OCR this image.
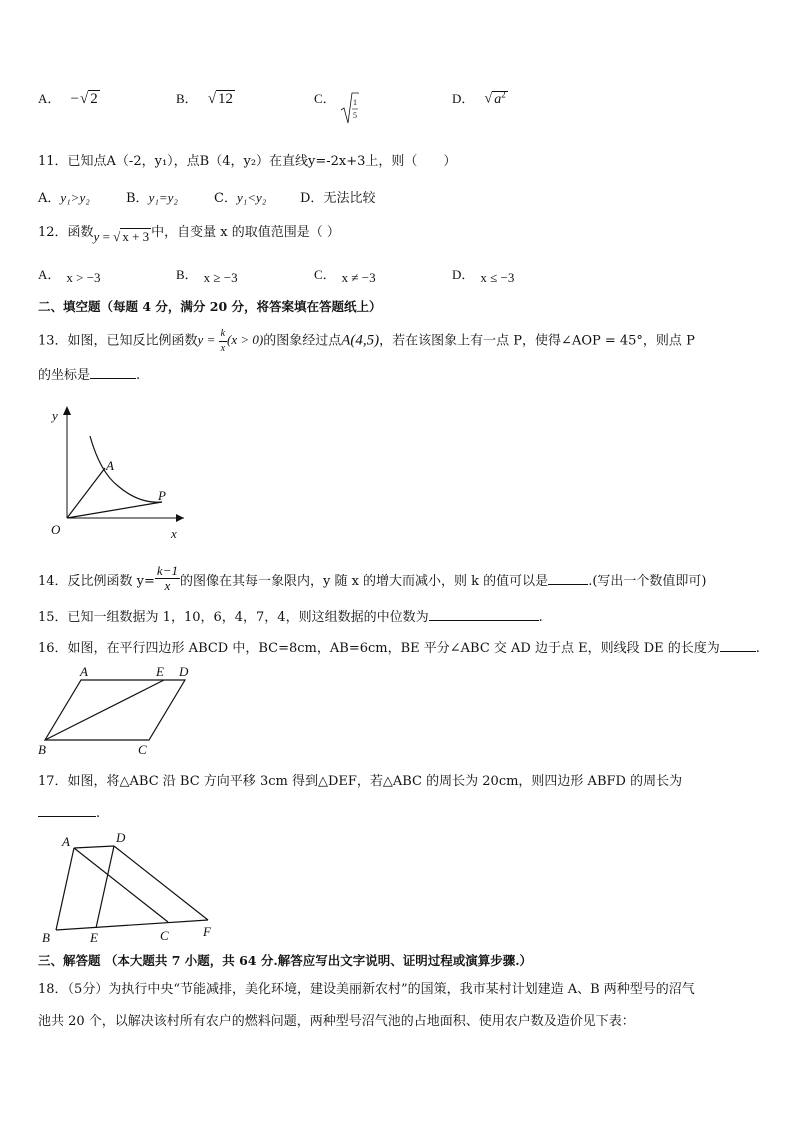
A． −√ 2	B． √ 12	C． 1
5
D． √ $a^2$
11．已知点A（-2，y₁），点B（4，y₂）在直线y=-2x+3上，则（　　）
A．y₁>y₂	B．y₁=y₂	C．y₁<y₂	D．无法比较
12．函数y = √ x + 3 中，自变量 x 的取值范围是（ ）
A． x > −3	B． x ≥ −3	C． x ≠ −3	D． x ≤ −3
二、填空题（每题 4 分，满分 20 分，将答案填在答题纸上）
13．如图，已知反比例函数$y = \frac{k}{x} (x > 0)$的图象经过点A(4,5)，若在该图象上有一点 P，使得∠AOP = 45°，则点 P
的坐标是	.
y
x
O
A
P
14．反比例函数 $y= \frac{k-1}{x}$ 的图像在其每一象限内，y 随 x 的增大而减小，则 k 的值可以是	.(写出一个数值即可)
15．已知一组数据为 1，10，6，4，7，4，则这组数据的中位数为	.
16．如图，在平行四边形 ABCD 中，BC=8cm，AB=6cm，BE 平分∠ABC 交 AD 边于点 E，则线段 DE 的长度为	.
A	E D
B	C
17．如图，将△ABC 沿 BC 方向平移 3cm 得到△DEF，若△ABC 的周长为 20cm，则四边形 ABFD 的周长为
.
A	D
B	E	C	F
三、解答题 （本大题共 7 小题，共 64 分.解答应写出文字说明、证明过程或演算步骤.）
18．（5分）为执行中央“节能减排，美化环境，建设美丽新农村”的国策，我市某村计划建造 A、B 两种型号的沼气
池共 20 个，以解决该村所有农户的燃料问题，两种型号沼气池的占地面积、使用农户数及造价见下表：
